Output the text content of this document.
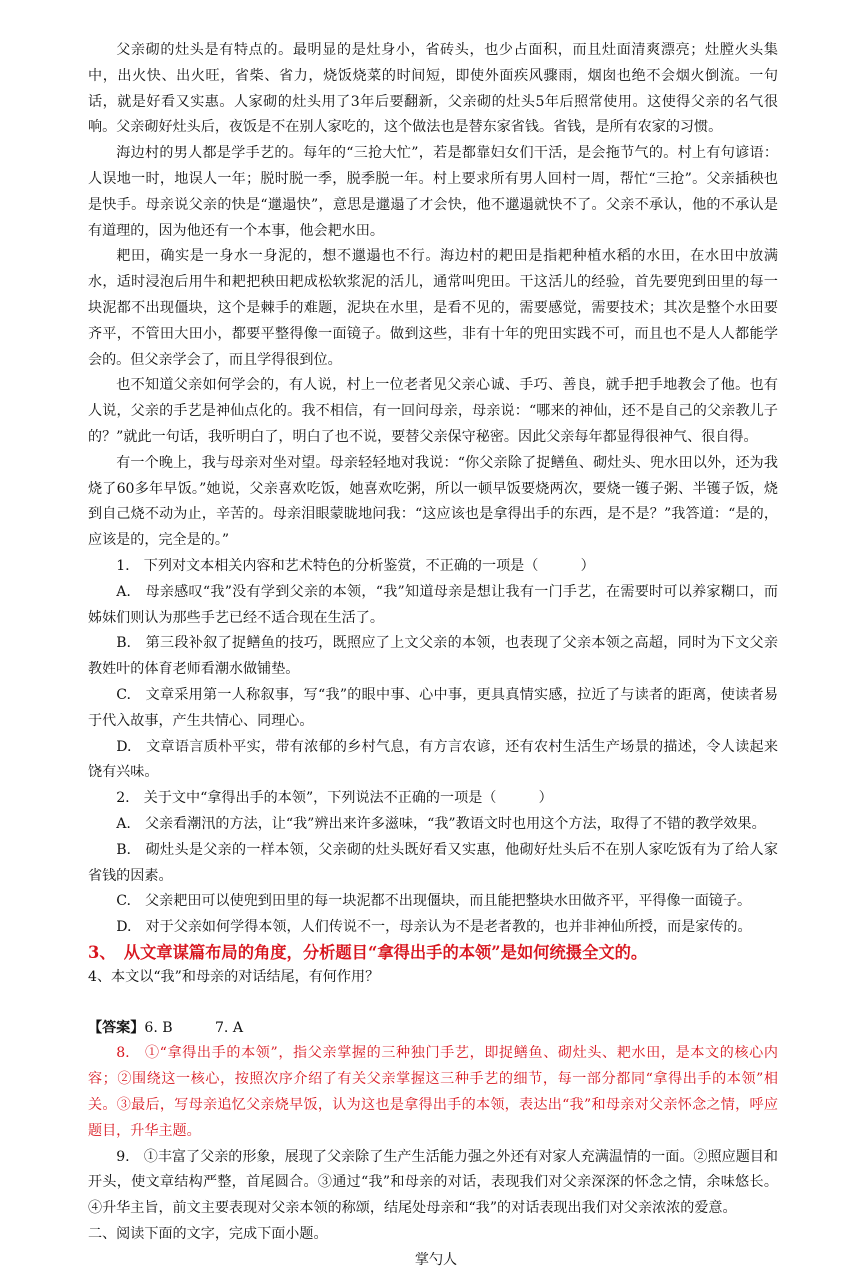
父亲砌的灶头是有特点的。最明显的是灶身小，省砖头，也少占面积，而且灶面清爽漂亮；灶膛火头集中，出火快、出火旺，省柴、省力，烧饭烧菜的时间短，即使外面疾风骤雨，烟囱也绝不会烟火倒流。一句话，就是好看又实惠。人家砌的灶头用了3年后要翻新，父亲砌的灶头5年后照常使用。这使得父亲的名气很响。父亲砌好灶头后，夜饭是不在别人家吃的，这个做法也是替东家省钱。省钱，是所有农家的习惯。

海边村的男人都是学手艺的。每年的“三抢大忙”，若是都靠妇女们干活，是会拖节气的。村上有句谚语：人误地一时，地误人一年；脱时脱一季，脱季脱一年。村上要求所有男人回村一周，帮忙“三抢”。父亲插秧也是快手。母亲说父亲的快是“邋遢快”，意思是邋遢了才会快，他不邋遢就快不了。父亲不承认，他的不承认是有道理的，因为他还有一个本事，他会耙水田。

耙田，确实是一身水一身泥的，想不邋遢也不行。海边村的耙田是指耙种植水稻的水田，在水田中放满水，适时浸泡后用牛和耙把秧田耙成松软浆泥的活儿，通常叫兜田。干这活儿的经验，首先要兜到田里的每一块泥都不出现僵块，这个是棘手的难题，泥块在水里，是看不见的，需要感觉，需要技术；其次是整个水田要齐平，不管田大田小，都要平整得像一面镜子。做到这些，非有十年的兜田实践不可，而且也不是人人都能学会的。但父亲学会了，而且学得很到位。

也不知道父亲如何学会的，有人说，村上一位老者见父亲心诚、手巧、善良，就手把手地教会了他。也有人说，父亲的手艺是神仙点化的。我不相信，有一回问母亲，母亲说：“哪来的神仙，还不是自己的父亲教儿子的？”就此一句话，我听明白了，明白了也不说，要替父亲保守秘密。因此父亲每年都显得很神气、很自得。

有一个晚上，我与母亲对坐对望。母亲轻轻地对我说：“你父亲除了捉鳝鱼、砌灶头、兜水田以外，还为我烧了60多年早饭。”她说，父亲喜欢吃饭，她喜欢吃粥，所以一顿早饭要烧两次，要烧一镬子粥、半镬子饭，烧到自己烧不动为止，辛苦的。母亲泪眼蒙眬地问我：“这应该也是拿得出手的东西，是不是？”我答道：“是的，应该是的，完全是的。”

1.　下列对文本相关内容和艺术特色的分析鉴赏，不正确的一项是（　　　）

A.　母亲感叹“我”没有学到父亲的本领，“我”知道母亲是想让我有一门手艺，在需要时可以养家糊口，而姊妹们则认为那些手艺已经不适合现在生活了。

B.　第三段补叙了捉鳝鱼的技巧，既照应了上文父亲的本领，也表现了父亲本领之高超，同时为下文父亲教姓叶的体育老师看潮水做铺垫。

C.　文章采用第一人称叙事，写“我”的眼中事、心中事，更具真情实感，拉近了与读者的距离，使读者易于代入故事，产生共情心、同理心。

D.　文章语言质朴平实，带有浓郁的乡村气息，有方言农谚，还有农村生活生产场景的描述，令人读起来饶有兴味。

2.　关于文中“拿得出手的本领”，下列说法不正确的一项是（　　　）

A.　父亲看潮汛的方法，让“我”辨出来许多滋味，“我”教语文时也用这个方法，取得了不错的教学效果。

B.　砌灶头是父亲的一样本领，父亲砌的灶头既好看又实惠，他砌好灶头后不在别人家吃饭有为了给人家省钱的因素。

C.　父亲耙田可以使兜到田里的每一块泥都不出现僵块，而且能把整块水田做齐平，平得像一面镜子。

D.　对于父亲如何学得本领，人们传说不一，母亲认为不是老者教的，也并非神仙所授，而是家传的。

3、　从文章谋篇布局的角度，分析题目“拿得出手的本领”是如何统摄全文的。

4、本文以“我”和母亲的对话结尾，有何作用？

【答案】6. B　　　7. A

8.　①“拿得出手的本领”，指父亲掌握的三种独门手艺，即捉鳝鱼、砌灶头、耙水田，是本文的核心内容；②围绕这一核心，按照次序介绍了有关父亲掌握这三种手艺的细节，每一部分都同“拿得出手的本领”相关。③最后，写母亲追忆父亲烧早饭，认为这也是拿得出手的本领，表达出“我”和母亲对父亲怀念之情，呼应题目，升华主题。

9.　①丰富了父亲的形象，展现了父亲除了生产生活能力强之外还有对家人充满温情的一面。②照应题目和开头，使文章结构严整，首尾圆合。③通过“我”和母亲的对话，表现我们对父亲深深的怀念之情，余味悠长。④升华主旨，前文主要表现对父亲本领的称颂，结尾处母亲和“我”的对话表现出我们对父亲浓浓的爱意。

二、阅读下面的文字，完成下面小题。

掌勺人
